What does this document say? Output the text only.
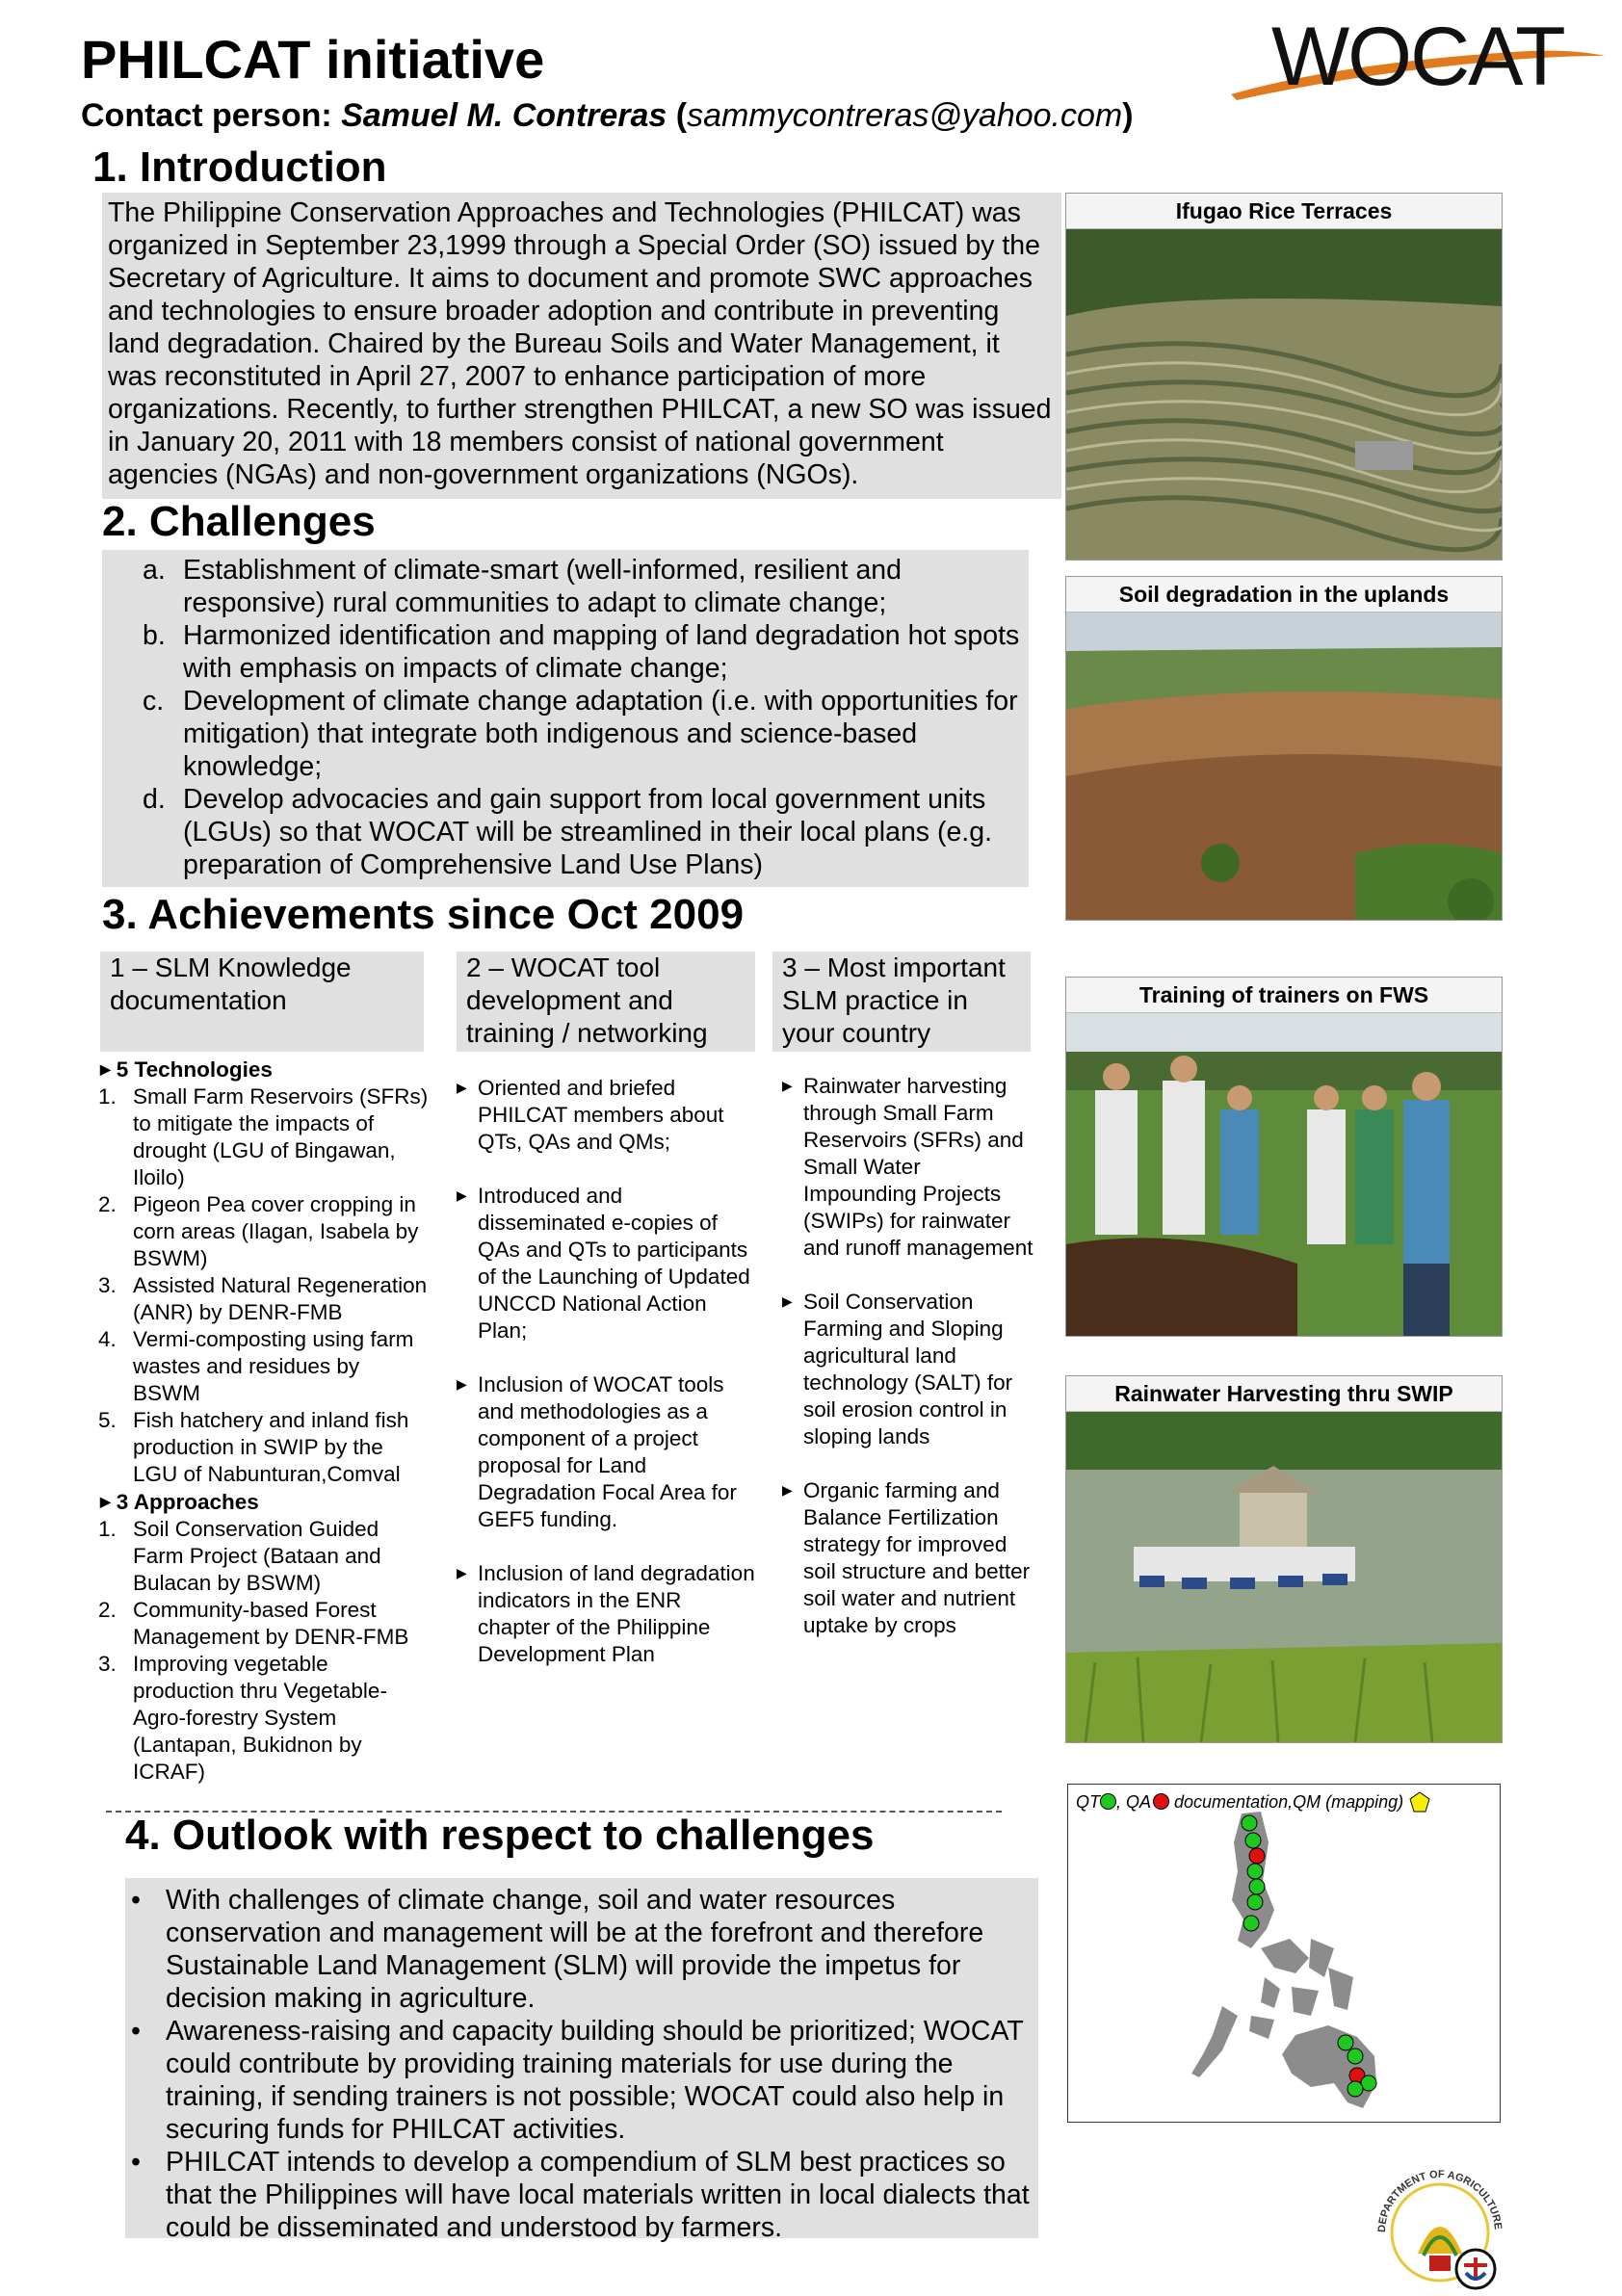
PHILCAT initiative
Contact person: Samuel M. Contreras (sammycontreras@yahoo.com)
WOCAT
1. Introduction
The Philippine Conservation Approaches and Technologies (PHILCAT) was organized in September 23,1999 through a Special Order (SO) issued by the Secretary of Agriculture. It aims to document and promote SWC approaches and technologies to ensure broader adoption and contribute in preventing land degradation. Chaired by the Bureau Soils and Water Management, it was reconstituted in April 27, 2007 to enhance participation of more organizations. Recently, to further strengthen PHILCAT, a new SO was issued in January 20, 2011 with 18 members consist of national government agencies (NGAs) and non-government organizations (NGOs).
2. Challenges
a. Establishment of climate-smart (well-informed, resilient and responsive) rural communities to adapt to climate change;
b. Harmonized identification and mapping of land degradation hot spots with emphasis on impacts of climate change;
c. Development of climate change adaptation (i.e. with opportunities for mitigation) that integrate both indigenous and science-based knowledge;
d. Develop advocacies and gain support from local government units (LGUs) so that WOCAT will be streamlined in their local plans (e.g. preparation of Comprehensive Land Use Plans)
3. Achievements since Oct 2009
1 – SLM Knowledge documentation
2 – WOCAT tool development and training / networking
3 – Most important SLM practice in your country
▶ 5 Technologies
1. Small Farm Reservoirs (SFRs) to mitigate the impacts of drought (LGU of Bingawan, Iloilo)
2. Pigeon Pea cover cropping in corn areas (Ilagan, Isabela by BSWM)
3. Assisted Natural Regeneration (ANR) by DENR-FMB
4. Vermi-composting using farm wastes and residues by BSWM
5. Fish hatchery and inland fish production in SWIP by the LGU of Nabunturan,Comval
▶ 3 Approaches
1. Soil Conservation Guided Farm Project (Bataan and Bulacan by BSWM)
2. Community-based Forest Management by DENR-FMB
3. Improving vegetable production thru Vegetable-Agro-forestry System (Lantapan, Bukidnon by ICRAF)
▶ Oriented and briefed PHILCAT members about QTs, QAs and QMs;
▶ Introduced and disseminated e-copies of QAs and QTs to participants of the Launching of Updated UNCCD National Action Plan;
▶ Inclusion of WOCAT tools and methodologies as a component of a project proposal for Land Degradation Focal Area for GEF5 funding.
▶ Inclusion of land degradation indicators in the ENR chapter of the Philippine Development Plan
▶ Rainwater harvesting through Small Farm Reservoirs (SFRs) and Small Water Impounding Projects (SWIPs) for rainwater and runoff management
▶ Soil Conservation Farming and Sloping agricultural land technology (SALT) for soil erosion control in sloping lands
▶ Organic farming and Balance Fertilization strategy for improved soil structure and better soil water and nutrient uptake by crops
4. Outlook with respect to challenges
• With challenges of climate change, soil and water resources conservation and management will be at the forefront and therefore Sustainable Land Management (SLM) will provide the impetus for decision making in agriculture.
• Awareness-raising and capacity building should be prioritized; WOCAT could contribute by providing training materials for use during the training, if sending trainers is not possible; WOCAT could also help in securing funds for PHILCAT activities.
• PHILCAT intends to develop a compendium of SLM best practices so that the Philippines will have local materials written in local dialects that could be disseminated and understood by farmers.
Ifugao Rice Terraces
Soil degradation in the uplands
Training of trainers on FWS
Rainwater Harvesting thru SWIP
QT , QA documentation,QM (mapping)
DEPARTMENT OF AGRICULTURE
